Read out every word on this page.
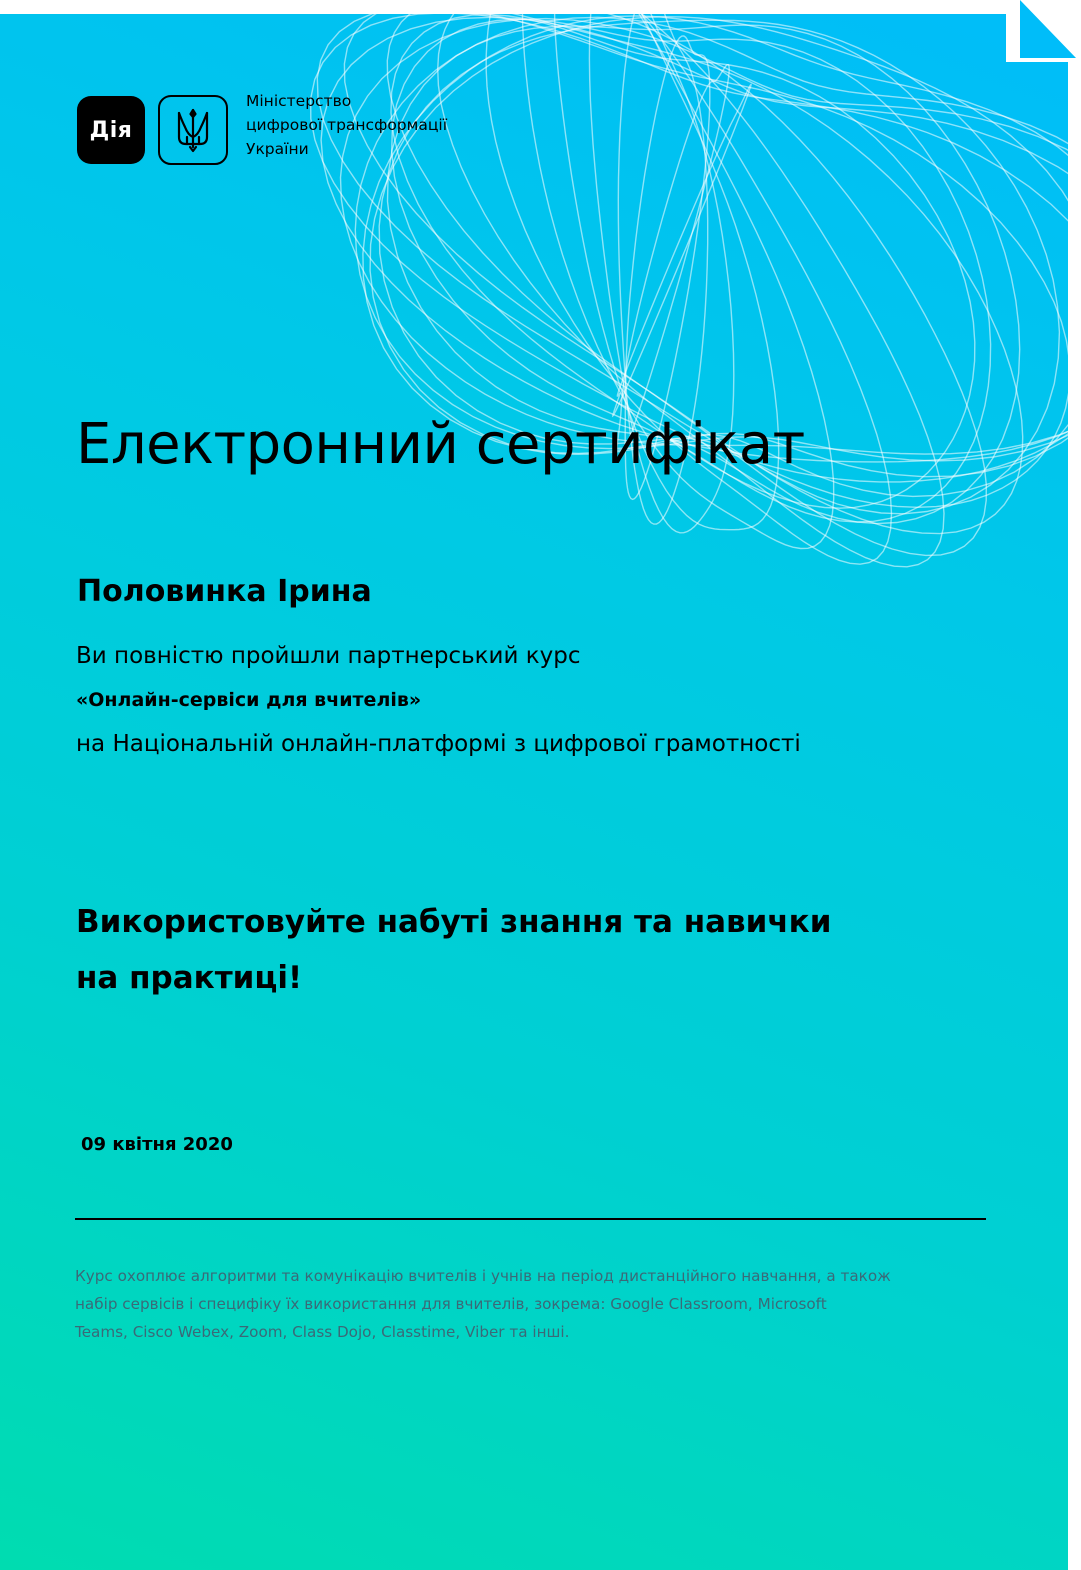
Дія
Міністерство
цифрової трансформації
України
Електронний сертифікат
Половинка Ірина
Ви повністю пройшли партнерський курс
«Онлайн-сервіси для вчителів»
на Національній онлайн-платформі з цифрової грамотності
Використовуйте набуті знання та навички
на практиці!
09 квітня 2020
Курс охоплює алгоритми та комунікацію вчителів і учнів на період дистанційного навчання, а також
набір сервісів і специфіку їх використання для вчителів, зокрема: Google Classroom, Microsoft
Teams, Cisco Webex, Zoom, Class Dojo, Classtime, Viber та інші.
